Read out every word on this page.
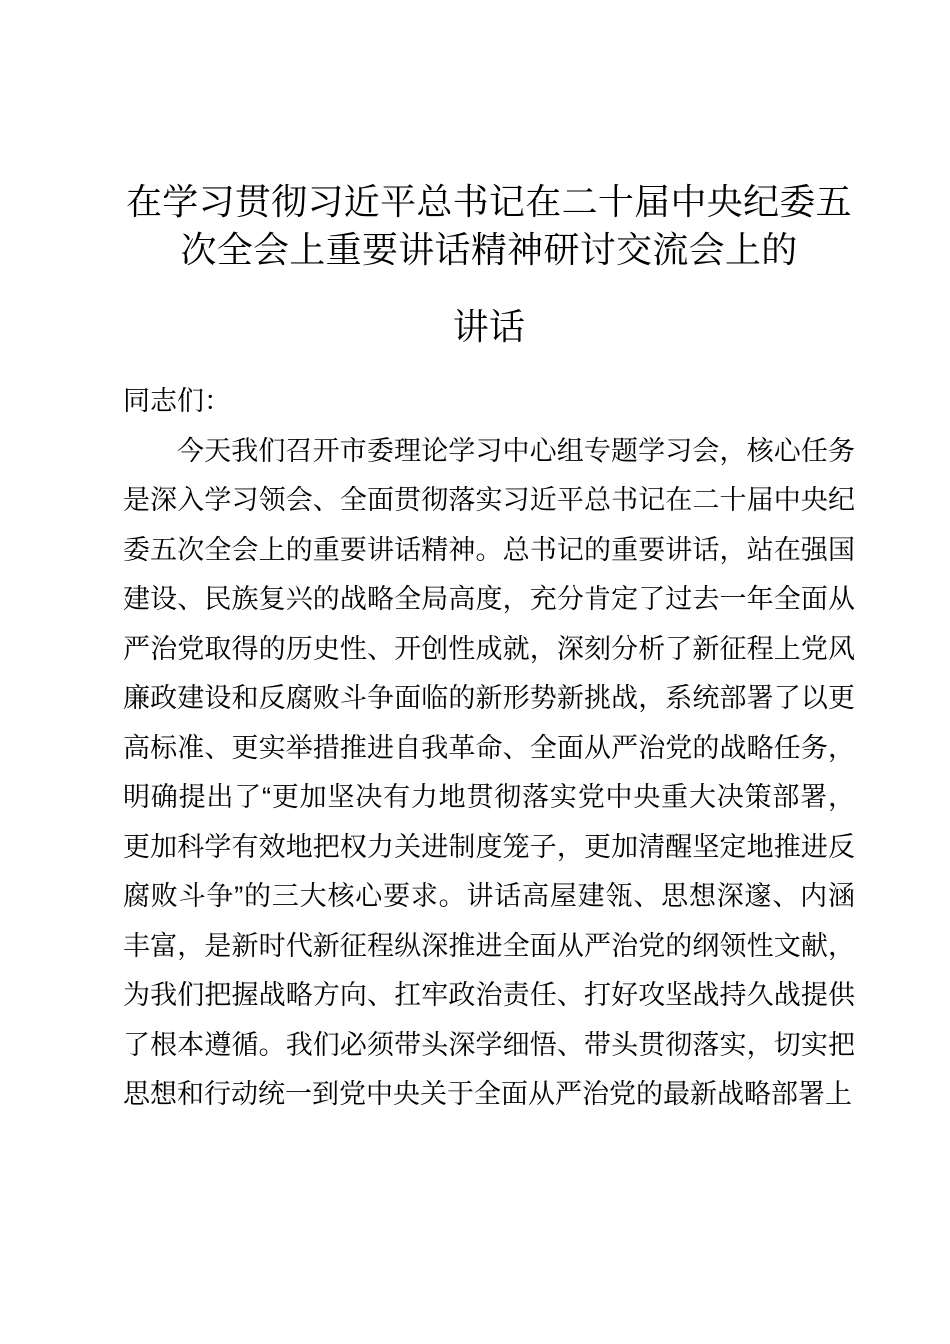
在学习贯彻习近平总书记在二十届中央纪委五
次全会上重要讲话精神研讨交流会上的
讲话

同志们：

今天我们召开市委理论学习中心组专题学习会，核心任务是深入学习领会、全面贯彻落实习近平总书记在二十届中央纪委五次全会上的重要讲话精神。总书记的重要讲话，站在强国建设、民族复兴的战略全局高度，充分肯定了过去一年全面从严治党取得的历史性、开创性成就，深刻分析了新征程上党风廉政建设和反腐败斗争面临的新形势新挑战，系统部署了以更高标准、更实举措推进自我革命、全面从严治党的战略任务，明确提出了“更加坚决有力地贯彻落实党中央重大决策部署，更加科学有效地把权力关进制度笼子，更加清醒坚定地推进反腐败斗争”的三大核心要求。讲话高屋建瓴、思想深邃、内涵丰富，是新时代新征程纵深推进全面从严治党的纲领性文献，为我们把握战略方向、扛牢政治责任、打好攻坚战持久战提供了根本遵循。我们必须带头深学细悟、带头贯彻落实，切实把思想和行动统一到党中央关于全面从严治党的最新战略部署上
